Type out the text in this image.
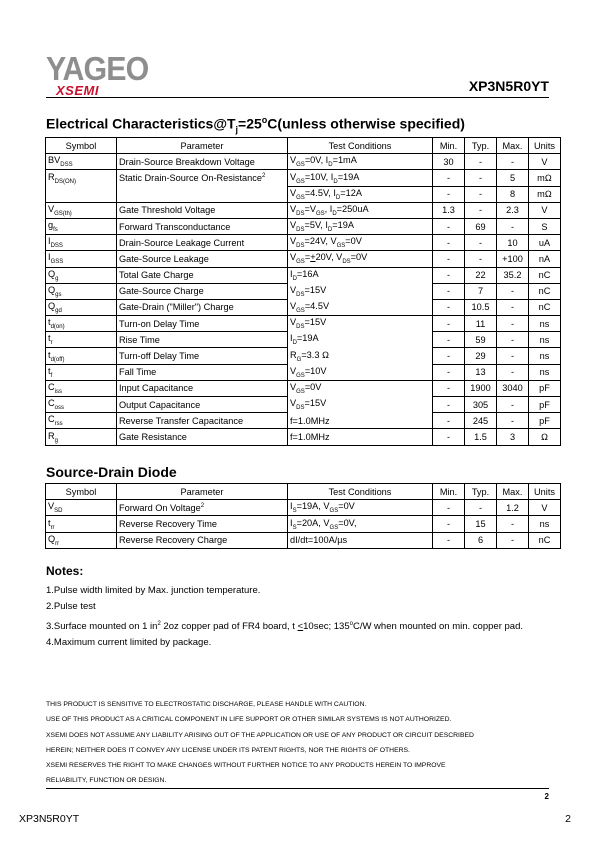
YAGEO
XSEMI	XP3N5R0YT
Electrical $Characteristics@T_j=25^oC(unless$ otherwise specified)
Symbol	Parameter	Test Conditions	Min.	Typ.	Max.	Units
$BV_{DSS}$	Drain-Source Breakdown Voltage	$V_{GS}=0V$, $I_D=1mA$	30	-	-	V
$R_{DS(ON)}$	Static Drain-Source On-Resistance$^2$	$V_{GS}=10V$, $I_D=19A$	-	-	5	mΩ
		$V_{GS}=4.5V$, $I_D=12A$	-	-	8	mΩ
$V_{GS(th)}$	Gate Threshold Voltage	$V_{DS}=V_{GS}$, $I_D=250uA$	1.3	-	2.3	V
$g_{fs}$	Forward Transconductance	$V_{DS}=5V$, $I_D=19A$	-	69	-	S
$I_{DSS}$	Drain-Source Leakage Current	$V_{DS}=24V$, $V_{GS}=0V$	-	-	10	uA
$I_{GSS}$	Gate-Source Leakage	$V_{GS}=+20V$, $V_{DS}=0V$	-	-	+100	nA
$Q_g$	Total Gate Charge	$I_D=16A$	-	22	35.2	nC
$Q_{gs}$	Gate-Source Charge	$V_{DS}=15V$	-	7	-	nC
$Q_{gd}$	Gate-Drain ("Miller") Charge	$V_{GS}=4.5V$	-	10.5	-	nC
$t_{d(on)}$	Turn-on Delay Time	$V_{DS}=15V$	-	11	-	ns
$t_r$	Rise Time	$I_D=19A$	-	59	-	ns
$t_{d(off)}$	Turn-off Delay Time	$R_G=3.3$ Ω	-	29	-	ns
$t_f$	Fall Time	$V_{GS}=10V$	-	13	-	ns
$C_{iss}$	Input Capacitance	$V_{GS}=0V$	-	1900	3040	pF
$C_{oss}$	Output Capacitance	$V_{DS}=15V$	-	305	-	pF
$C_{rss}$	Reverse Transfer Capacitance	f=1.0MHz	-	245	-	pF
$R_g$	Gate Resistance	f=1.0MHz	-	1.5	3	Ω
Source-Drain Diode
Symbol	Parameter	Test Conditions	Min.	Typ.	Max.	Units
$V_{SD}$	Forward On Voltage$^2$	$I_S=19A$, $V_{GS}=0V$	-	-	1.2	V
$t_{rr}$	Reverse Recovery Time	$I_S=20A$, $V_{GS}=0V$,	-	15	-	ns
$Q_{rr}$	Reverse Recovery Charge	dI/dt=100A/µs	-	6	-	nC
Notes:
1.Pulse width limited by Max. junction temperature.
2.Pulse test
3.Surface mounted on 1 $in^2$ 2oz copper pad of FR4 board, t <10sec; 135$^o$C/W when mounted on min. copper pad.
4.Maximum current limited by package.
THIS PRODUCT IS SENSITIVE TO ELECTROSTATIC DISCHARGE, PLEASE HANDLE WITH CAUTION.
USE OF THIS PRODUCT AS A CRITICAL COMPONENT IN LIFE SUPPORT OR OTHER SIMILAR SYSTEMS IS NOT AUTHORIZED.
XSEMI DOES NOT ASSUME ANY LIABILITY ARISING OUT OF THE APPLICATION OR USE OF ANY PRODUCT OR CIRCUIT DESCRIBED
HEREIN; NEITHER DOES IT CONVEY ANY LICENSE UNDER ITS PATENT RIGHTS, NOR THE RIGHTS OF OTHERS.
XSEMI RESERVES THE RIGHT TO MAKE CHANGES WITHOUT FURTHER NOTICE TO ANY PRODUCTS HEREIN TO IMPROVE
RELIABILITY, FUNCTION OR DESIGN.
2
XP3N5R0YT	2
